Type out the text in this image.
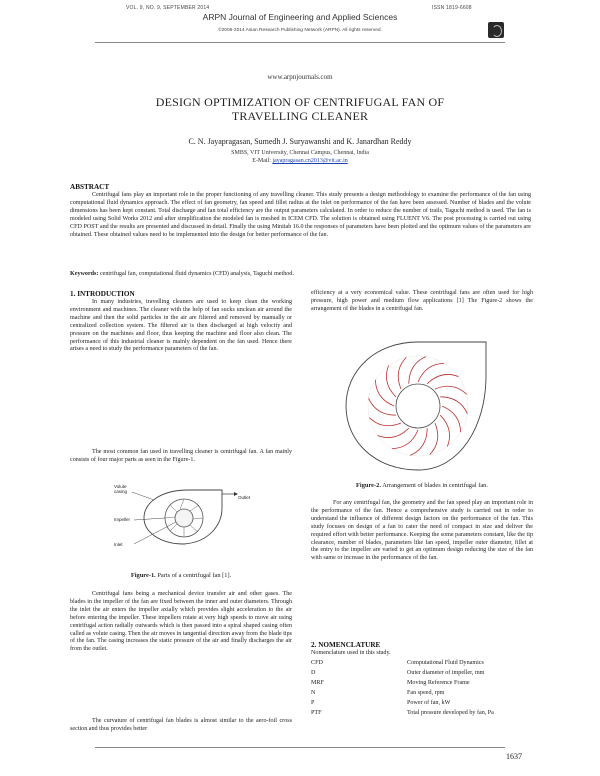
VOL. 9, NO. 9, SEPTEMBER 2014	ISSN 1819-6608
ARPN Journal of Engineering and Applied Sciences
©2006-2014 Asian Research Publishing Network (ARPN). All rights reserved.
www.arpnjournals.com
DESIGN OPTIMIZATION OF CENTRIFUGAL FAN OF
TRAVELLING CLEANER
C. N. Jayapragasan, Sumedh J. Suryawanshi and K. Janardhan Reddy
SMBS, VIT University, Chennai Campus, Chennai, India
E-Mail: jayapragasan.cn2013@vit.ac.in
ABSTRACT
Centrifugal fans play an important role in the proper functioning of any travelling cleaner. This study presents a design methodology to examine the performance of the fan using computational fluid dynamics approach. The effect of fan geometry, fan speed and fillet radius at the inlet on performance of the fan have been assessed. Number of blades and the volute dimensions has been kept constant. Total discharge and fan total efficiency are the output parameters calculated. In order to reduce the number of trails, Taguchi method is used. The fan is modeled using Solid Works 2012 and after simplification the modeled fan is meshed in ICEM CFD. The solution is obtained using FLUENT V6. The post processing is carried out using CFD POST and the results are presented and discussed in detail. Finally the using Minitab 16.0 the responses of parameters have been plotted and the optimum values of the parameters are obtained. These obtained values need to be implemented into the design for better performance of the fan.
Keywords: centrifugal fan, computational fluid dynamics (CFD) analysis, Taguchi method.
1. INTRODUCTION
In many industries, travelling cleaners are used to keep clean the working environment and machines. The cleaner with the help of fan sucks unclean air around the machine and then the solid particles in the air are filtered and removed by manually or centralized collection system. The filtered air is then discharged at high velocity and pressure on the machines and floor, thus keeping the machine and floor also clean. The performance of this industrial cleaner is mainly dependent on the fan used. Hence there arises a need to study the performance parameters of the fan.
The most common fan used in travelling cleaner is centrifugal fan. A fan mainly consists of four major parts as seen in the Figure-1.
Volute
casing
Outlet
Impeller
Inlet
Figure-1. Parts of a centrifugal fan [1].
Centrifugal fans being a mechanical device transfer air and other gases. The blades in the impeller of the fan are fixed between the inner and outer diameters. Through the inlet the air enters the impeller axially which provides slight acceleration to the air before entering the impeller. These impellers rotate at very high speeds to move air using centrifugal action radially outwards which is then passed into a spiral shaped casing often called as volute casing. Then the air moves in tangential direction away from the blade tips of the fan. The casing increases the static pressure of the air and finally discharges the air from the outlet.
The curvature of centrifugal fan blades is almost similar to the aero-foil cross section and thus provides better
efficiency at a very economical value. These centrifugal fans are often used for high pressure, high power and medium flow applications [1] The Figure-2 shows the arrangement of the blades in a centrifugal fan.
Figure-2. Arrangement of blades in centrifugal fan.
For any centrifugal fan, the geometry and the fan speed play an important role in the performance of the fan. Hence a comprehensive study is carried out in order to understand the influence of different design factors on the performance of the fan. This study focuses on design of a fan to cater the need of compact in size and deliver the required effort with better performance. Keeping the some parameters constant, like the tip clearance, number of blades, parameters like fan speed, impeller outer diameter, fillet at the entry to the impeller are varied to get an optimum design reducing the size of the fan with same or increase in the performance of the fan.
2. NOMENCLATURE
Nomenclature used in this study.
CFD	Computational Fluid Dynamics
D	Outer diameter of impeller, mm
MRF	Moving Reference Frame
N	Fan speed, rpm
P	Power of fan, kW
PTF	Total pressure developed by fan, Pa
1637
